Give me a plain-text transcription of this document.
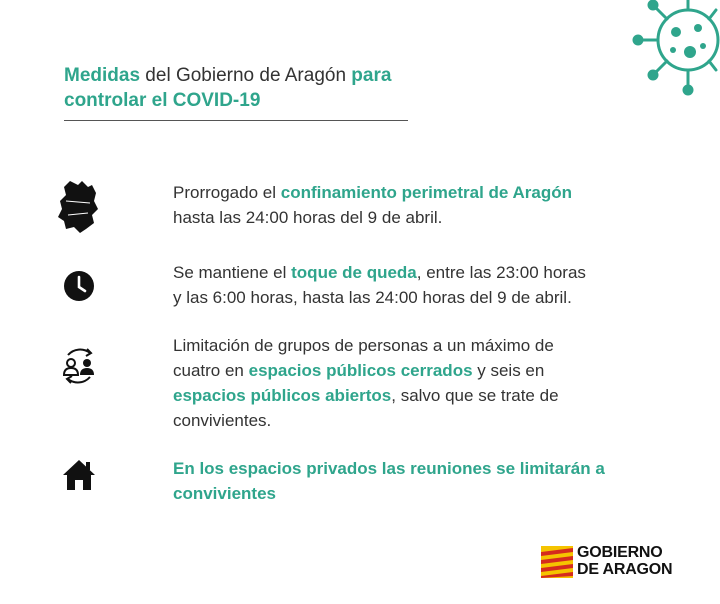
Medidas del Gobierno de Aragón para
controlar el COVID-19
Prorrogado el confinamiento perimetral de Aragón
hasta las 24:00 horas del 9 de abril.
Se mantiene el toque de queda, entre las 23:00 horas
y las 6:00 horas, hasta las 24:00 horas del 9 de abril.
Limitación de grupos de personas a un máximo de
cuatro en espacios públicos cerrados y seis en
espacios públicos abiertos, salvo que se trate de
convivientes.
En los espacios privados las reuniones se limitarán a
convivientes
GOBIERNO
DE ARAGON
